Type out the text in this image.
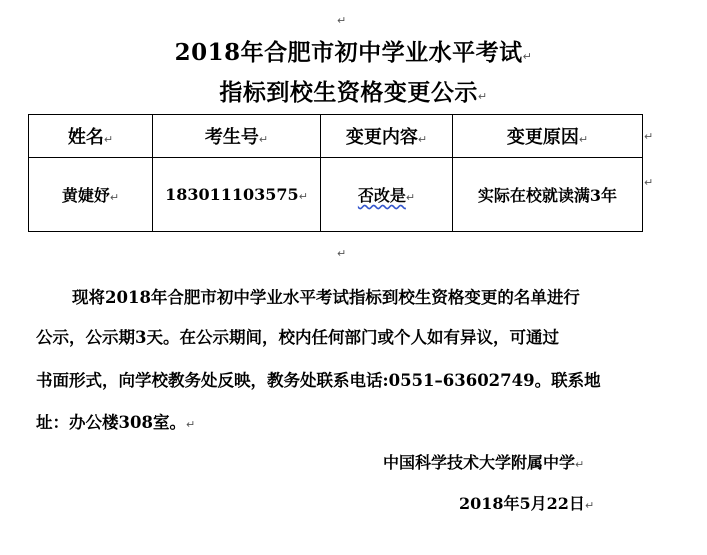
↵
2018年合肥市初中学业水平考试↵
指标到校生资格变更公示↵
姓名↵	考生号↵	变更内容↵	变更原因↵
黄婕妤↵	183011103575↵	否改是↵	实际在校就读满3年
↵
↵
↵
现将2018年合肥市初中学业水平考试指标到校生资格变更的名单进行
公示，公示期3天。在公示期间，校内任何部门或个人如有异议，可通过
书面形式，向学校教务处反映，教务处联系电话:0551–63602749。联系地
址：办公楼308室。↵
中国科学技术大学附属中学↵
2018年5月22日↵
